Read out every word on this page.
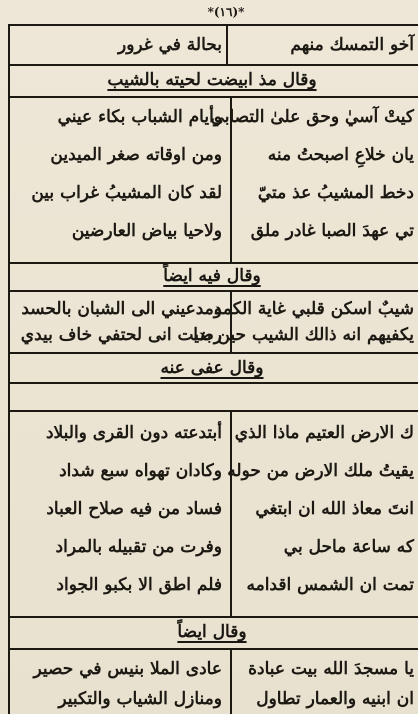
*(١٦)*
آخو التمسك منهم
بحالة في غرور
وقال مذ ابيضت لحيته بالشيب
كيتْ آسيٰ وحق علىٰ التصابي
يان خلاعِ اصبحتُ منه
دخط المشيبُ عذ متيّ
تي عهدَ الصبا غادر ملق
وأيام الشباب بكاء عيني
ومن اوقاته صغر الميدين
لقد كان المشيبُ غراب بين
ولاحيا بياض العارضين
وقال فيه ايضاً
شيبٌ اسكن قلبي غاية الكمد
يكفيهم انه ذالك الشيب حين بدا
ومدعيني الى الشبان بالحسد
رضيت انى لحتفي خاف بيدي
وقال عفى عنه
ك الارض العتيم ماذا الذي
يقيتُ ملك الارض من حوله
انتَ معاذ الله ان ابتغي
كه ساعة ماحل بي
تمت ان الشمس اقدامه
أبتدعته دون القرى والبلاد
وكادان تهواه سبع شداد
فساد من فيه صلاح العباد
وفرت من تقبيله بالمراد
فلم اطق الا بكبو الجواد
وقال ايضاً
يا مسجدَ الله بيت عبادة
ان ابنيه والعمار تطاول
عادى الملا بنيس في حصير
ومنازل الشياب والتكبير
